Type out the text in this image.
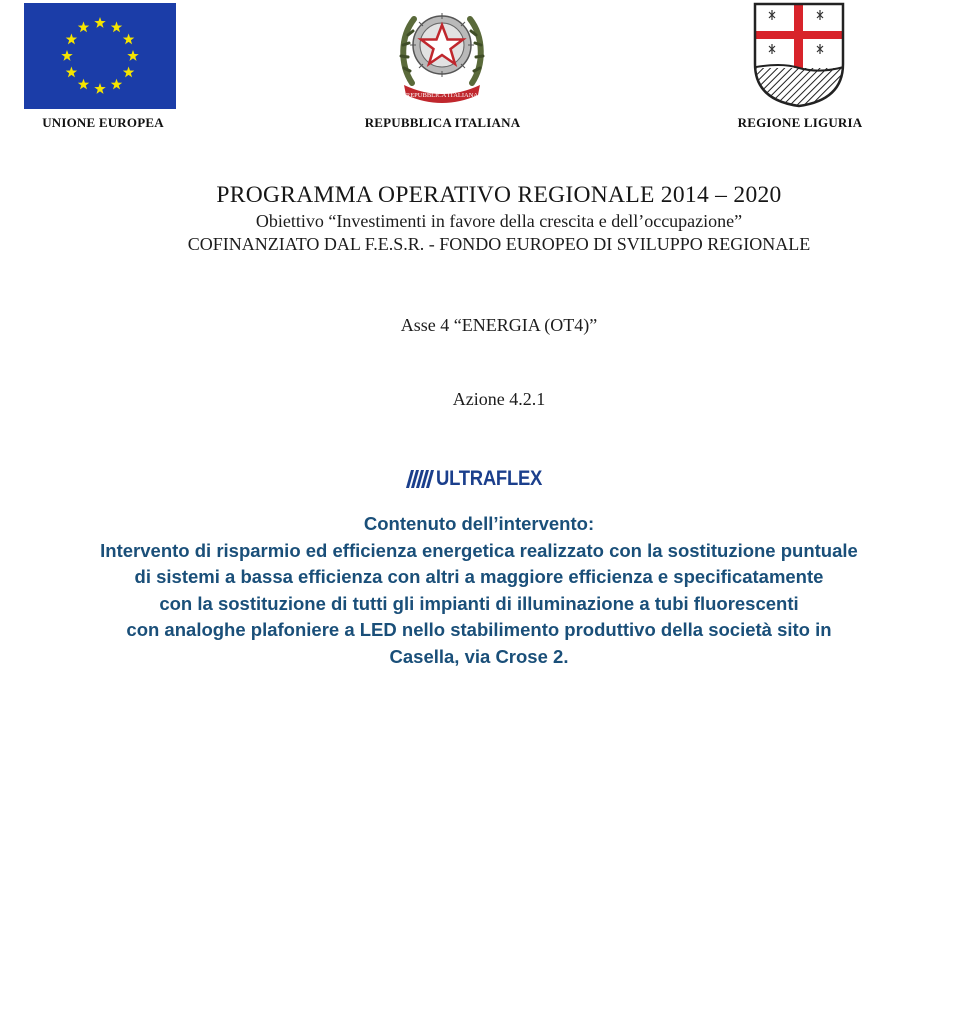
UNIONE EUROPEA
REPUBBLICA ITALIANA
REPUBBLICA ITALIANA	REGIONE LIGURIA
PROGRAMMA OPERATIVO REGIONALE 2014 – 2020
Obiettivo “Investimenti in favore della crescita e dell’occupazione”
COFINANZIATO DAL F.E.S.R. - FONDO EUROPEO DI SVILUPPO REGIONALE
Asse 4 “ENERGIA (OT4)”
Azione 4.2.1
ULTRAFLEX
Contenuto dell’intervento:
Intervento di risparmio ed efficienza energetica realizzato con la sostituzione puntuale
di sistemi a bassa efficienza con altri a maggiore efficienza e specificatamente
con la sostituzione di tutti gli impianti di illuminazione a tubi fluorescenti
con analoghe plafoniere a LED nello stabilimento produttivo della società sito in
Casella, via Crose 2.
